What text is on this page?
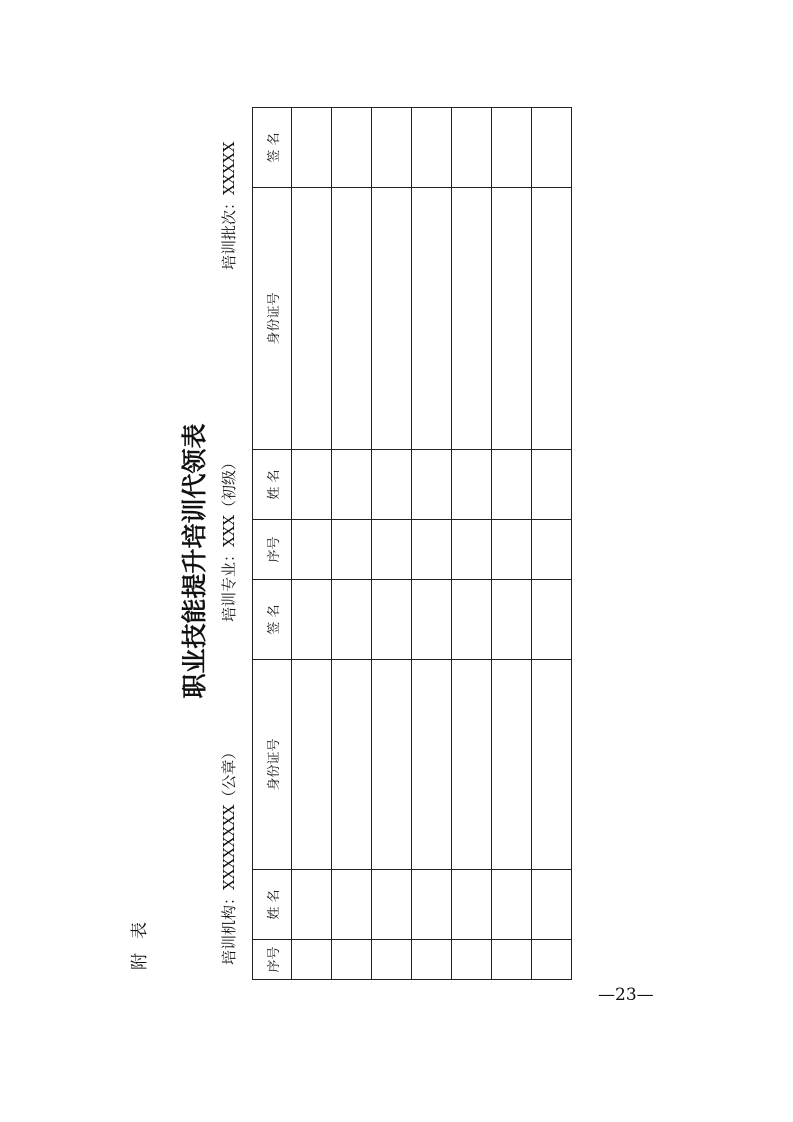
附表
职业技能提升培训代领表
培训机构：XXXXXXXX（公章）
培训专业：XXX（初级）
培训批次：XXXXX
序号	姓 名	身份证号	签 名	序号	姓 名	身份证号	签 名

—23—
